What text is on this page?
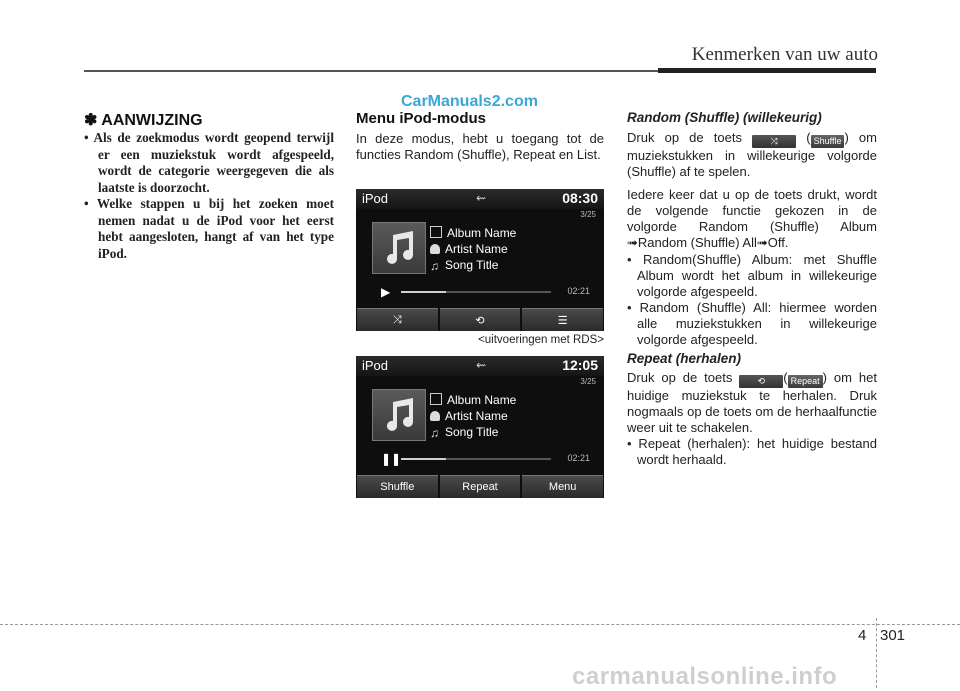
Kenmerken van uw auto
CarManuals2.com
✽ AANWIJZING
• Als de zoekmodus wordt geopend terwijl er een muziekstuk wordt afgespeeld, wordt de categorie weergegeven die als laatste is doorzocht.
• Welke stappen u bij het zoeken moet nemen nadat u de iPod voor het eerst hebt aangesloten, hangt af van het type iPod.
Menu iPod-modus
In deze modus, hebt u toegang tot de functies Random (Shuffle), Repeat en List.
iPod	⇜	08:30
3/25
Album Name
Artist Name
♫ Song Title
▶	02:21
⤨	⟲	☰
<uitvoeringen met RDS>
iPod	⇜	12:05
3/25
Album Name
Artist Name
♫ Song Title
❚❚	02:21
Shuffle	Repeat	Menu

Random (Shuffle) (willekeurig)

Druk op de toets	⤨ ( Shuffle ) om muziekstukken in willekeurige volgorde (Shuffle) af te spelen.

Iedere keer dat u op de toets drukt, wordt de volgende functie gekozen in de volgorde Random (Shuffle) Album ➟Random (Shuffle) All➟Off.

• Random(Shuffle) Album: met Shuffle Album wordt het album in willekeurige volgorde afgespeeld.

• Random (Shuffle) All: hiermee worden alle muziekstukken in willekeurige volgorde afgespeeld.

Repeat (herhalen)

Druk op de toets	⟲ ( Repeat ) om het huidige muziekstuk te herhalen. Druk nogmaals op de toets om de herhaalfunctie weer uit te schakelen.

• Repeat (herhalen): het huidige bestand wordt herhaald.

4 301
carmanualsonline.info
